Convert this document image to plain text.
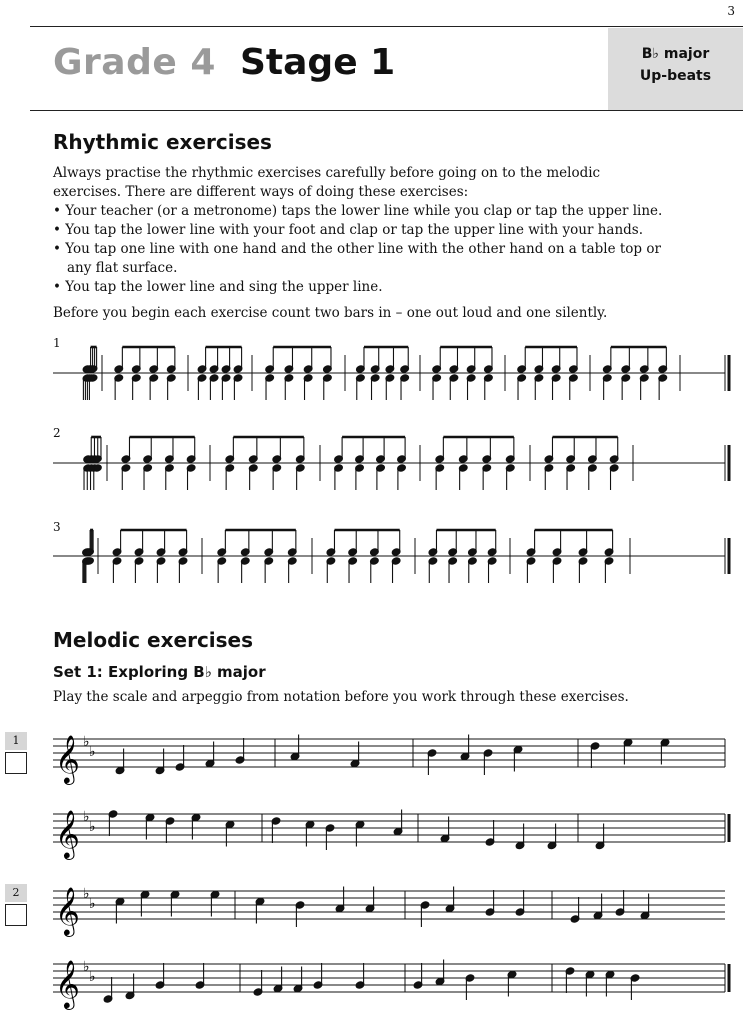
3
Grade 4 Stage 1	B♭ major
Up-beats
Rhythmic exercises
Always practise the rhythmic exercises carefully before going on to the melodic
exercises. There are different ways of doing these exercises:
• Your teacher (or a metronome) taps the lower line while you clap or tap the upper line.
• You tap the lower line with your foot and clap or tap the upper line with your hands.
• You tap one line with one hand and the other line with the other hand on a table top or any flat surface.
• You tap the lower line and sing the upper line.
Before you begin each exercise count two bars in – one out loud and one silently.
1
2
3
Melodic exercises
Set 1: Exploring B♭ major
Play the scale and arpeggio from notation before you work through these exercises.
1
2
𝄞 ♭
♭
𝄞 ♭
♭
𝄞 ♭
♭
𝄞 ♭
♭
